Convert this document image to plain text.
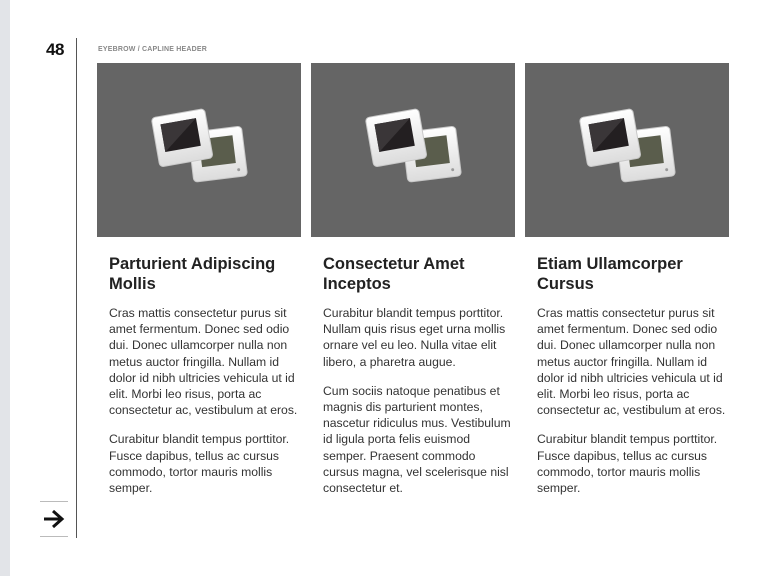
48	EYEBROW / CAPLINE HEADER
Parturient Adipiscing Mollis

Cras mattis consectetur purus sit amet fermentum. Donec sed odio dui. Donec ullamcorper nulla non metus auctor fringilla. Nullam id dolor id nibh ultricies vehicula ut id elit. Morbi leo risus, porta ac consectetur ac, vestibulum at eros.

Curabitur blandit tempus porttitor. Fusce dapibus, tellus ac cursus commodo, tortor mauris mollis semper.

Consectetur Amet Inceptos

Curabitur blandit tempus porttitor. Nullam quis risus eget urna mollis ornare vel eu leo. Nulla vitae elit libero, a pharetra augue.

Cum sociis natoque penatibus et magnis dis parturient montes, nascetur ridiculus mus. Vestibulum id ligula porta felis euismod semper. Praesent commodo cursus magna, vel scelerisque nisl consectetur et.

Etiam Ullamcorper Cursus

Cras mattis consectetur purus sit amet fermentum. Donec sed odio dui. Donec ullamcorper nulla non metus auctor fringilla. Nullam id dolor id nibh ultricies vehicula ut id elit. Morbi leo risus, porta ac consectetur ac, vestibulum at eros.

Curabitur blandit tempus porttitor. Fusce dapibus, tellus ac cursus commodo, tortor mauris mollis semper.
